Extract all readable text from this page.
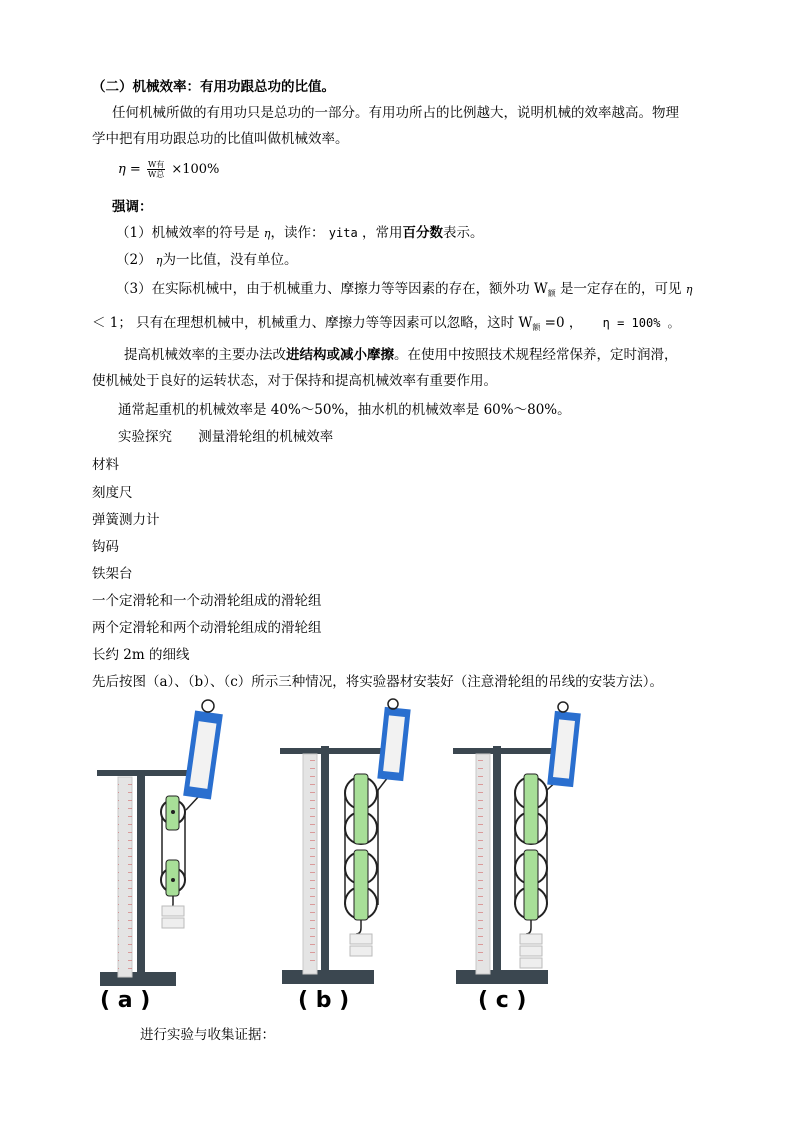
（二）机械效率：有用功跟总功的比值。
任何机械所做的有用功只是总功的一部分。有用功所占的比例越大，说明机械的效率越高。物理
学中把有用功跟总功的比值叫做机械效率。
$\eta = \frac{\text{W有}}{\text{W总}} \times 100\%$
强调：
（1）机械效率的符号是 η，读作： yita ，常用百分数表示。
（2） η为一比值，没有单位。
（3）在实际机械中，由于机械重力、摩擦力等等因素的存在，额外功 $W_额$ 是一定存在的，可见 η
＜ 1； 只有在理想机械中，机械重力、摩擦力等等因素可以忽略，这时 $W_额 =0$ ， η = 100% 。
提高机械效率的主要办法改进结构或减小摩擦。在使用中按照技术规程经常保养，定时润滑，
使机械处于良好的运转状态，对于保持和提高机械效率有重要作用。
通常起重机的机械效率是 40%～50%，抽水机的机械效率是 60%～80%。
实验探究 测量滑轮组的机械效率
材料
刻度尺
弹簧测力计
钩码
铁架台
一个定滑轮和一个动滑轮组成的滑轮组
两个定滑轮和两个动滑轮组成的滑轮组
长约 2m 的细线
先后按图（a）、（b）、（c）所示三种情况，将实验器材安装好（注意滑轮组的吊线的安装方法）。
( a )	( b )	( c )
进行实验与收集证据：
